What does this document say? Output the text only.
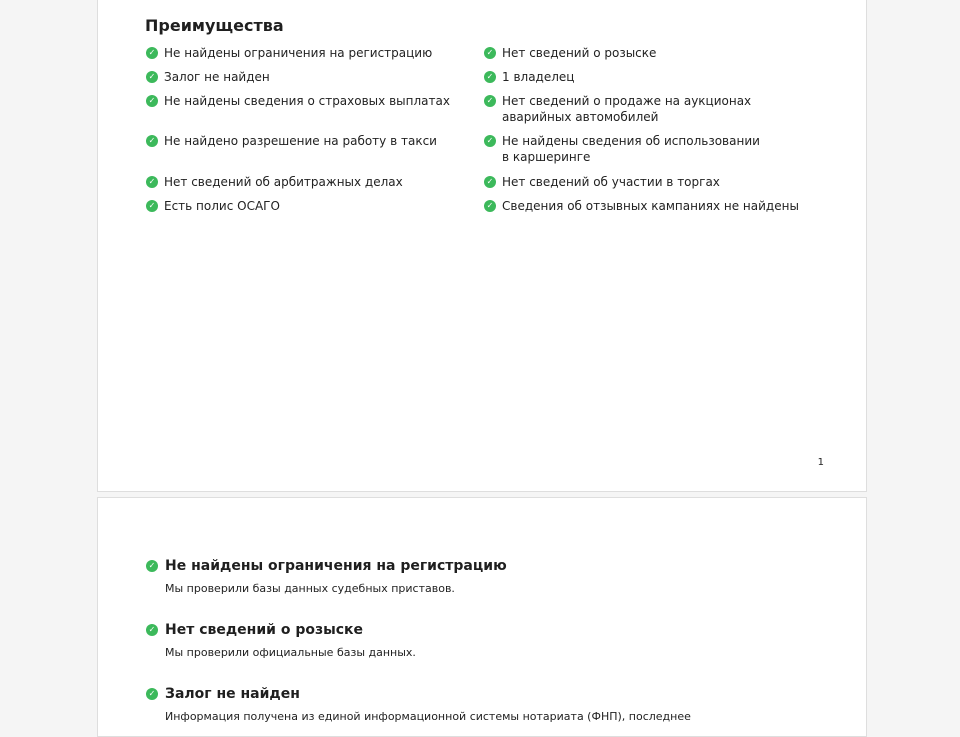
Преимущества
✓ Не найдены ограничения на регистрацию
✓ Залог не найден
✓ Не найдены сведения о страховых выплатах
✓ Не найдено разрешение на работу в такси
✓ Нет сведений об арбитражных делах
✓ Есть полис ОСАГО
✓ Нет сведений о розыске
✓ 1 владелец
✓ Нет сведений о продаже на аукционах аварийных автомобилей
✓ Не найдены сведения об использовании в каршеринге
✓ Нет сведений об участии в торгах
✓ Сведения об отзывных кампаниях не найдены
1
✓ Не найдены ограничения на регистрацию
Мы проверили базы данных судебных приставов.
✓ Нет сведений о розыске
Мы проверили официальные базы данных.
✓ Залог не найден
Информация получена из единой информационной системы нотариата (ФНП), последнее
